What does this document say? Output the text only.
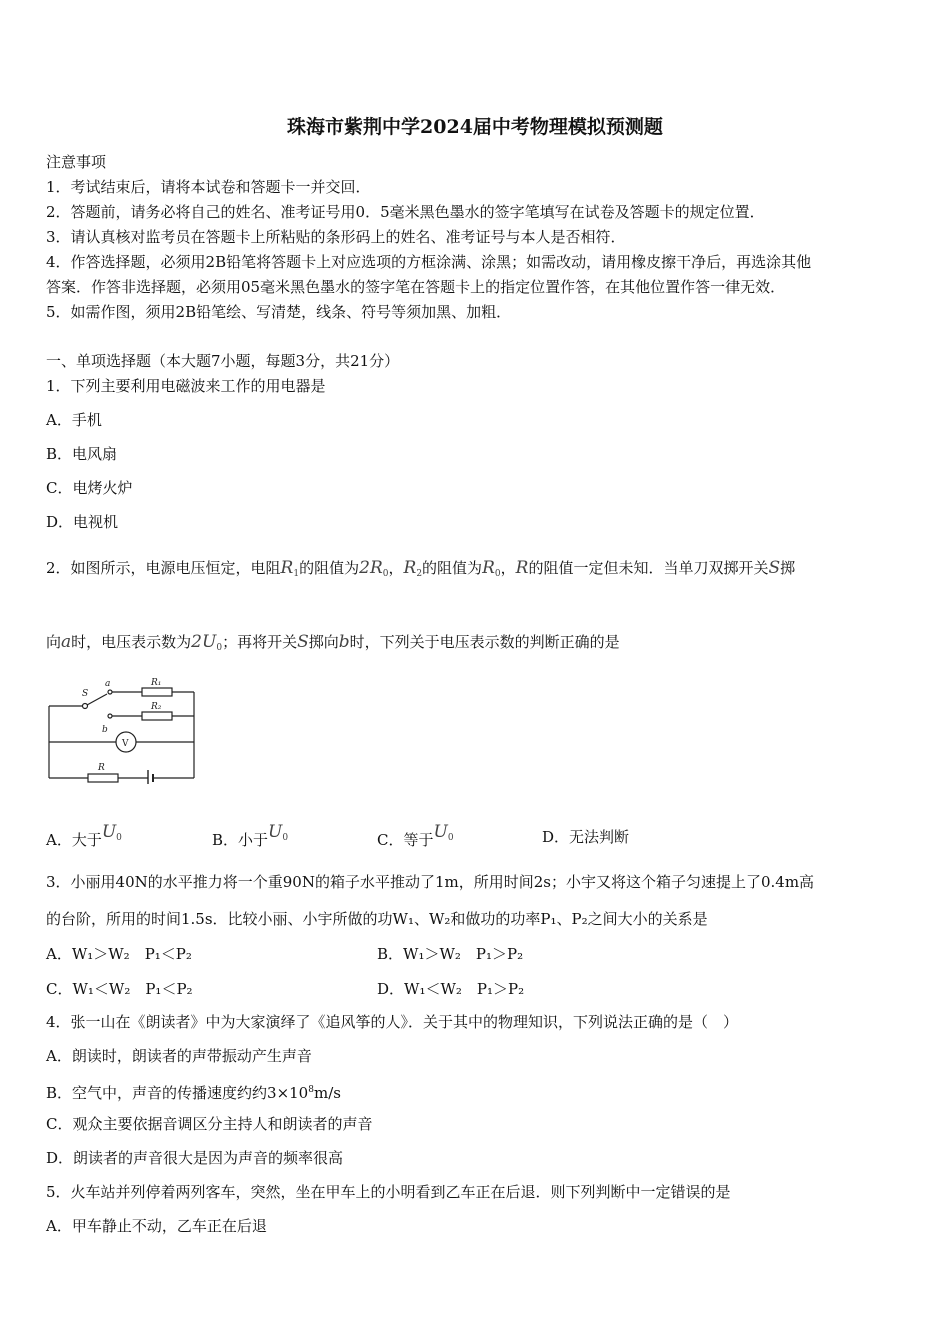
珠海市紫荆中学2024届中考物理模拟预测题
注意事项
1．考试结束后，请将本试卷和答题卡一并交回．
2．答题前，请务必将自己的姓名、准考证号用0．5毫米黑色墨水的签字笔填写在试卷及答题卡的规定位置．
3．请认真核对监考员在答题卡上所粘贴的条形码上的姓名、准考证号与本人是否相符．
4．作答选择题，必须用2B铅笔将答题卡上对应选项的方框涂满、涂黑；如需改动，请用橡皮擦干净后，再选涂其他
答案．作答非选择题，必须用05毫米黑色墨水的签字笔在答题卡上的指定位置作答，在其他位置作答一律无效．
5．如需作图，须用2B铅笔绘、写清楚，线条、符号等须加黑、加粗．
一、单项选择题（本大题7小题，每题3分，共21分）
1．下列主要利用电磁波来工作的用电器是
A．手机
B．电风扇
C．电烤火炉
D．电视机
2．如图所示，电源电压恒定，电阻$R_1$的阻值为$2R_0$，$R_2$的阻值为$R_0$，R的阻值一定但未知．当单刀双掷开关S掷
向a时，电压表示数为$2U_0$；再将开关S掷向b时，下列关于电压表示数的判断正确的是
S
a
b
R₁
R₂
V
R
A．大于$U_0$	B．小于$U_0$	C．等于$U_0$	D．无法判断
3．小丽用40N的水平推力将一个重90N的箱子水平推动了1m，所用时间2s；小宇又将这个箱子匀速提上了0.4m高
的台阶，所用的时间1.5s．比较小丽、小宇所做的功W₁、W₂和做功的功率P₁、P₂之间大小的关系是
A．W₁＞W₂　P₁＜P₂	B．W₁＞W₂　P₁＞P₂
C．W₁＜W₂　P₁＜P₂	D．W₁＜W₂　P₁＞P₂
4．张一山在《朗读者》中为大家演绎了《追风筝的人》．关于其中的物理知识，下列说法正确的是（　）
A．朗读时，朗读者的声带振动产生声音
B．空气中，声音的传播速度约约$3\times 10^8m/s$
C．观众主要依据音调区分主持人和朗读者的声音
D．朗读者的声音很大是因为声音的频率很高
5．火车站并列停着两列客车，突然，坐在甲车上的小明看到乙车正在后退．则下列判断中一定错误的是
A．甲车静止不动，乙车正在后退
